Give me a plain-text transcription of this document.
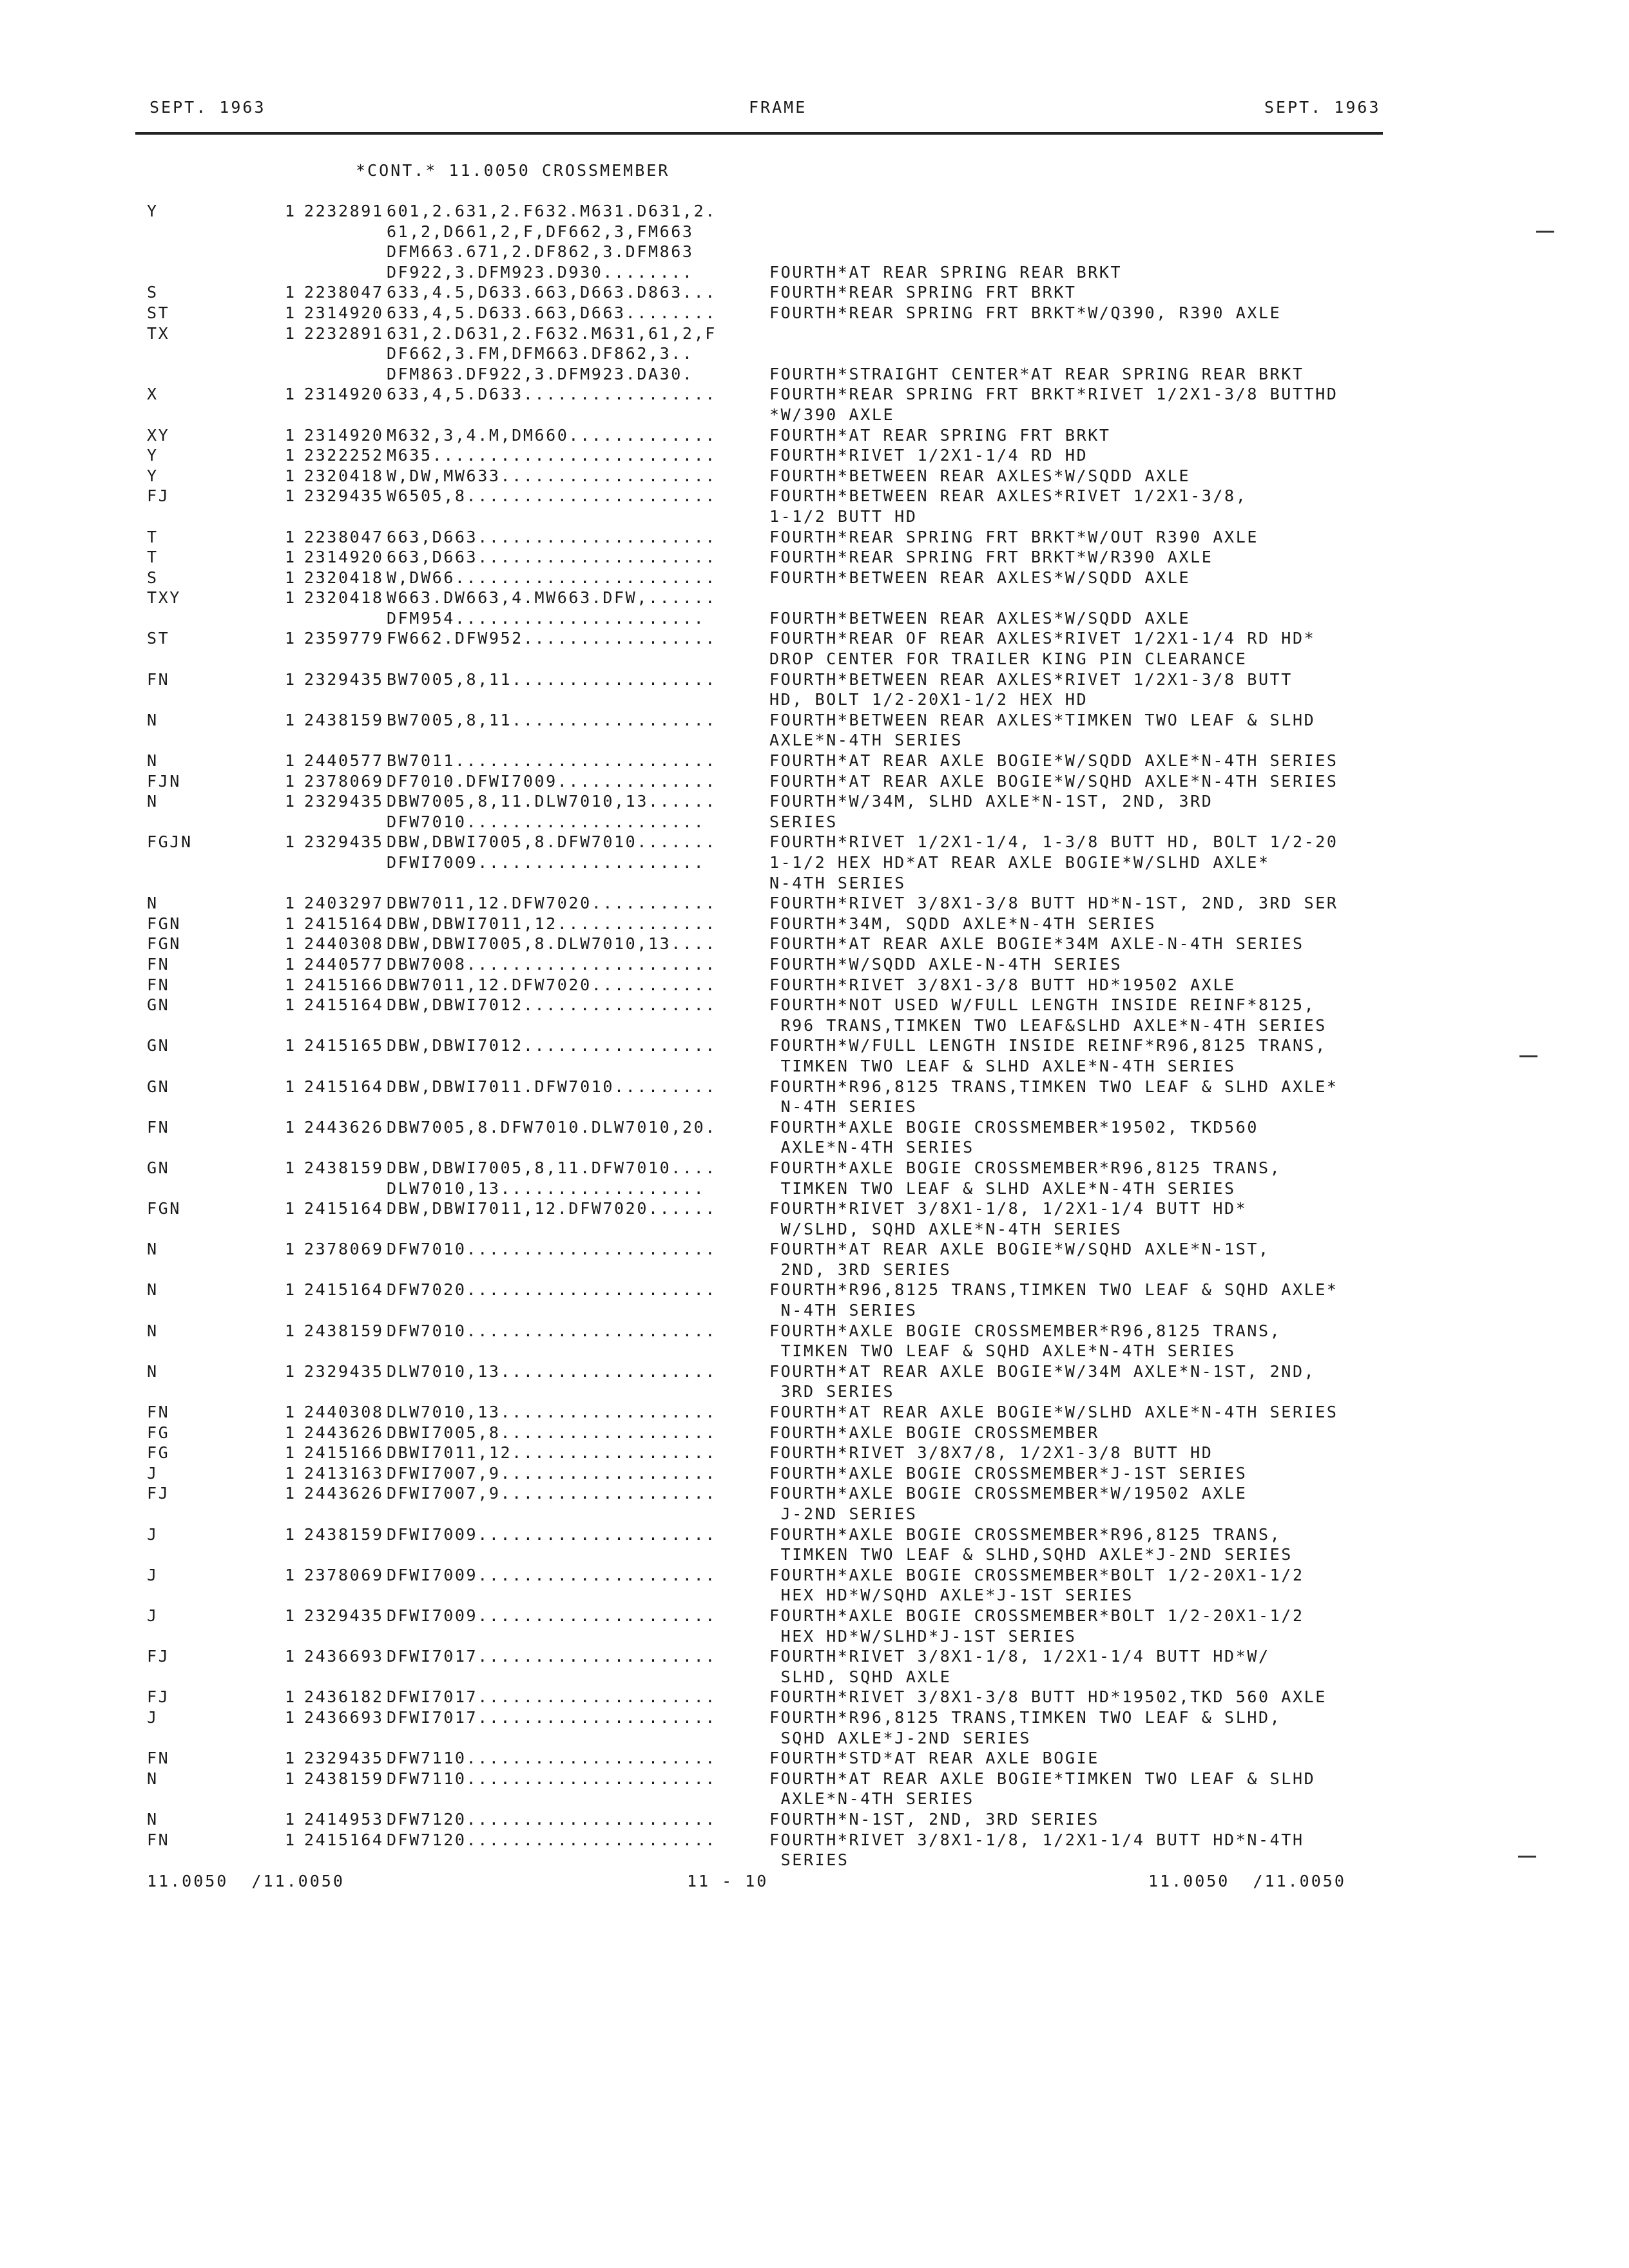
SEPT. 1963	FRAME	SEPT. 1963
*CONT.* 11.0050 CROSSMEMBER
Y	1 2232891 601,2.631,2.F632.M631.D631,2.
61,2,D661,2,F,DF662,3,FM663
DFM663.671,2.DF862,3.DFM863
DF922,3.DFM923.D930........	FOURTH*AT REAR SPRING REAR BRKT
S	1 2238047 633,4.5,D633.663,D663.D863...	FOURTH*REAR SPRING FRT BRKT
ST	1 2314920 633,4,5.D633.663,D663........	FOURTH*REAR SPRING FRT BRKT*W/Q390, R390 AXLE
TX	1 2232891 631,2.D631,2.F632.M631,61,2,F
DF662,3.FM,DFM663.DF862,3..
DFM863.DF922,3.DFM923.DA30.	FOURTH*STRAIGHT CENTER*AT REAR SPRING REAR BRKT
X	1 2314920 633,4,5.D633.................	FOURTH*REAR SPRING FRT BRKT*RIVET 1/2X1-3/8 BUTTHD
*W/390 AXLE
XY	1 2314920 M632,3,4.M,DM660.............	FOURTH*AT REAR SPRING FRT BRKT
Y	1 2322252 M635.........................	FOURTH*RIVET 1/2X1-1/4 RD HD
Y	1 2320418 W,DW,MW633...................	FOURTH*BETWEEN REAR AXLES*W/SQDD AXLE
FJ	1 2329435 W6505,8......................	FOURTH*BETWEEN REAR AXLES*RIVET 1/2X1-3/8,
1-1/2 BUTT HD
T	1 2238047 663,D663.....................	FOURTH*REAR SPRING FRT BRKT*W/OUT R390 AXLE
T	1 2314920 663,D663.....................	FOURTH*REAR SPRING FRT BRKT*W/R390 AXLE
S	1 2320418 W,DW66.......................	FOURTH*BETWEEN REAR AXLES*W/SQDD AXLE
TXY	1 2320418 W663.DW663,4.MW663.DFW,......
DFM954......................	FOURTH*BETWEEN REAR AXLES*W/SQDD AXLE
ST	1 2359779 FW662.DFW952.................	FOURTH*REAR OF REAR AXLES*RIVET 1/2X1-1/4 RD HD*
DROP CENTER FOR TRAILER KING PIN CLEARANCE
FN	1 2329435 BW7005,8,11..................	FOURTH*BETWEEN REAR AXLES*RIVET 1/2X1-3/8 BUTT
HD, BOLT 1/2-20X1-1/2 HEX HD
N	1 2438159 BW7005,8,11..................	FOURTH*BETWEEN REAR AXLES*TIMKEN TWO LEAF & SLHD
AXLE*N-4TH SERIES
N	1 2440577 BW7011.......................	FOURTH*AT REAR AXLE BOGIE*W/SQDD AXLE*N-4TH SERIES
FJN	1 2378069 DF7010.DFWI7009..............	FOURTH*AT REAR AXLE BOGIE*W/SQHD AXLE*N-4TH SERIES
N	1 2329435 DBW7005,8,11.DLW7010,13......	FOURTH*W/34M, SLHD AXLE*N-1ST, 2ND, 3RD
DFW7010.....................	SERIES
FGJN	1 2329435 DBW,DBWI7005,8.DFW7010.......	FOURTH*RIVET 1/2X1-1/4, 1-3/8 BUTT HD, BOLT 1/2-20
DFWI7009....................	1-1/2 HEX HD*AT REAR AXLE BOGIE*W/SLHD AXLE*
N-4TH SERIES
N	1 2403297 DBW7011,12.DFW7020...........	FOURTH*RIVET 3/8X1-3/8 BUTT HD*N-1ST, 2ND, 3RD SER
FGN	1 2415164 DBW,DBWI7011,12..............	FOURTH*34M, SQDD AXLE*N-4TH SERIES
FGN	1 2440308 DBW,DBWI7005,8.DLW7010,13....	FOURTH*AT REAR AXLE BOGIE*34M AXLE-N-4TH SERIES
FN	1 2440577 DBW7008......................	FOURTH*W/SQDD AXLE-N-4TH SERIES
FN	1 2415166 DBW7011,12.DFW7020...........	FOURTH*RIVET 3/8X1-3/8 BUTT HD*19502 AXLE
GN	1 2415164 DBW,DBWI7012.................	FOURTH*NOT USED W/FULL LENGTH INSIDE REINF*8125,
R96 TRANS,TIMKEN TWO LEAF&SLHD AXLE*N-4TH SERIES
GN	1 2415165 DBW,DBWI7012.................	FOURTH*W/FULL LENGTH INSIDE REINF*R96,8125 TRANS,
TIMKEN TWO LEAF & SLHD AXLE*N-4TH SERIES
GN	1 2415164 DBW,DBWI7011.DFW7010.........	FOURTH*R96,8125 TRANS,TIMKEN TWO LEAF & SLHD AXLE*
N-4TH SERIES
FN	1 2443626 DBW7005,8.DFW7010.DLW7010,20.	FOURTH*AXLE BOGIE CROSSMEMBER*19502, TKD560
AXLE*N-4TH SERIES
GN	1 2438159 DBW,DBWI7005,8,11.DFW7010....	FOURTH*AXLE BOGIE CROSSMEMBER*R96,8125 TRANS,
DLW7010,13..................	TIMKEN TWO LEAF & SLHD AXLE*N-4TH SERIES
FGN	1 2415164 DBW,DBWI7011,12.DFW7020......	FOURTH*RIVET 3/8X1-1/8, 1/2X1-1/4 BUTT HD*
W/SLHD, SQHD AXLE*N-4TH SERIES
N	1 2378069 DFW7010......................	FOURTH*AT REAR AXLE BOGIE*W/SQHD AXLE*N-1ST,
2ND, 3RD SERIES
N	1 2415164 DFW7020......................	FOURTH*R96,8125 TRANS,TIMKEN TWO LEAF & SQHD AXLE*
N-4TH SERIES
N	1 2438159 DFW7010......................	FOURTH*AXLE BOGIE CROSSMEMBER*R96,8125 TRANS,
TIMKEN TWO LEAF & SQHD AXLE*N-4TH SERIES
N	1 2329435 DLW7010,13...................	FOURTH*AT REAR AXLE BOGIE*W/34M AXLE*N-1ST, 2ND,
3RD SERIES
FN	1 2440308 DLW7010,13...................	FOURTH*AT REAR AXLE BOGIE*W/SLHD AXLE*N-4TH SERIES
FG	1 2443626 DBWI7005,8...................	FOURTH*AXLE BOGIE CROSSMEMBER
FG	1 2415166 DBWI7011,12..................	FOURTH*RIVET 3/8X7/8, 1/2X1-3/8 BUTT HD
J	1 2413163 DFWI7007,9...................	FOURTH*AXLE BOGIE CROSSMEMBER*J-1ST SERIES
FJ	1 2443626 DFWI7007,9...................	FOURTH*AXLE BOGIE CROSSMEMBER*W/19502 AXLE
J-2ND SERIES
J	1 2438159 DFWI7009.....................	FOURTH*AXLE BOGIE CROSSMEMBER*R96,8125 TRANS,
TIMKEN TWO LEAF & SLHD,SQHD AXLE*J-2ND SERIES
J	1 2378069 DFWI7009.....................	FOURTH*AXLE BOGIE CROSSMEMBER*BOLT 1/2-20X1-1/2
HEX HD*W/SQHD AXLE*J-1ST SERIES
J	1 2329435 DFWI7009.....................	FOURTH*AXLE BOGIE CROSSMEMBER*BOLT 1/2-20X1-1/2
HEX HD*W/SLHD*J-1ST SERIES
FJ	1 2436693 DFWI7017.....................	FOURTH*RIVET 3/8X1-1/8, 1/2X1-1/4 BUTT HD*W/
SLHD, SQHD AXLE
FJ	1 2436182 DFWI7017.....................	FOURTH*RIVET 3/8X1-3/8 BUTT HD*19502,TKD 560 AXLE
J	1 2436693 DFWI7017.....................	FOURTH*R96,8125 TRANS,TIMKEN TWO LEAF & SLHD,
SQHD AXLE*J-2ND SERIES
FN	1 2329435 DFW7110......................	FOURTH*STD*AT REAR AXLE BOGIE
N	1 2438159 DFW7110......................	FOURTH*AT REAR AXLE BOGIE*TIMKEN TWO LEAF & SLHD
AXLE*N-4TH SERIES
N	1 2414953 DFW7120......................	FOURTH*N-1ST, 2ND, 3RD SERIES
FN	1 2415164 DFW7120......................	FOURTH*RIVET 3/8X1-1/8, 1/2X1-1/4 BUTT HD*N-4TH
SERIES
11.0050  /11.0050	11 - 10	11.0050  /11.0050
